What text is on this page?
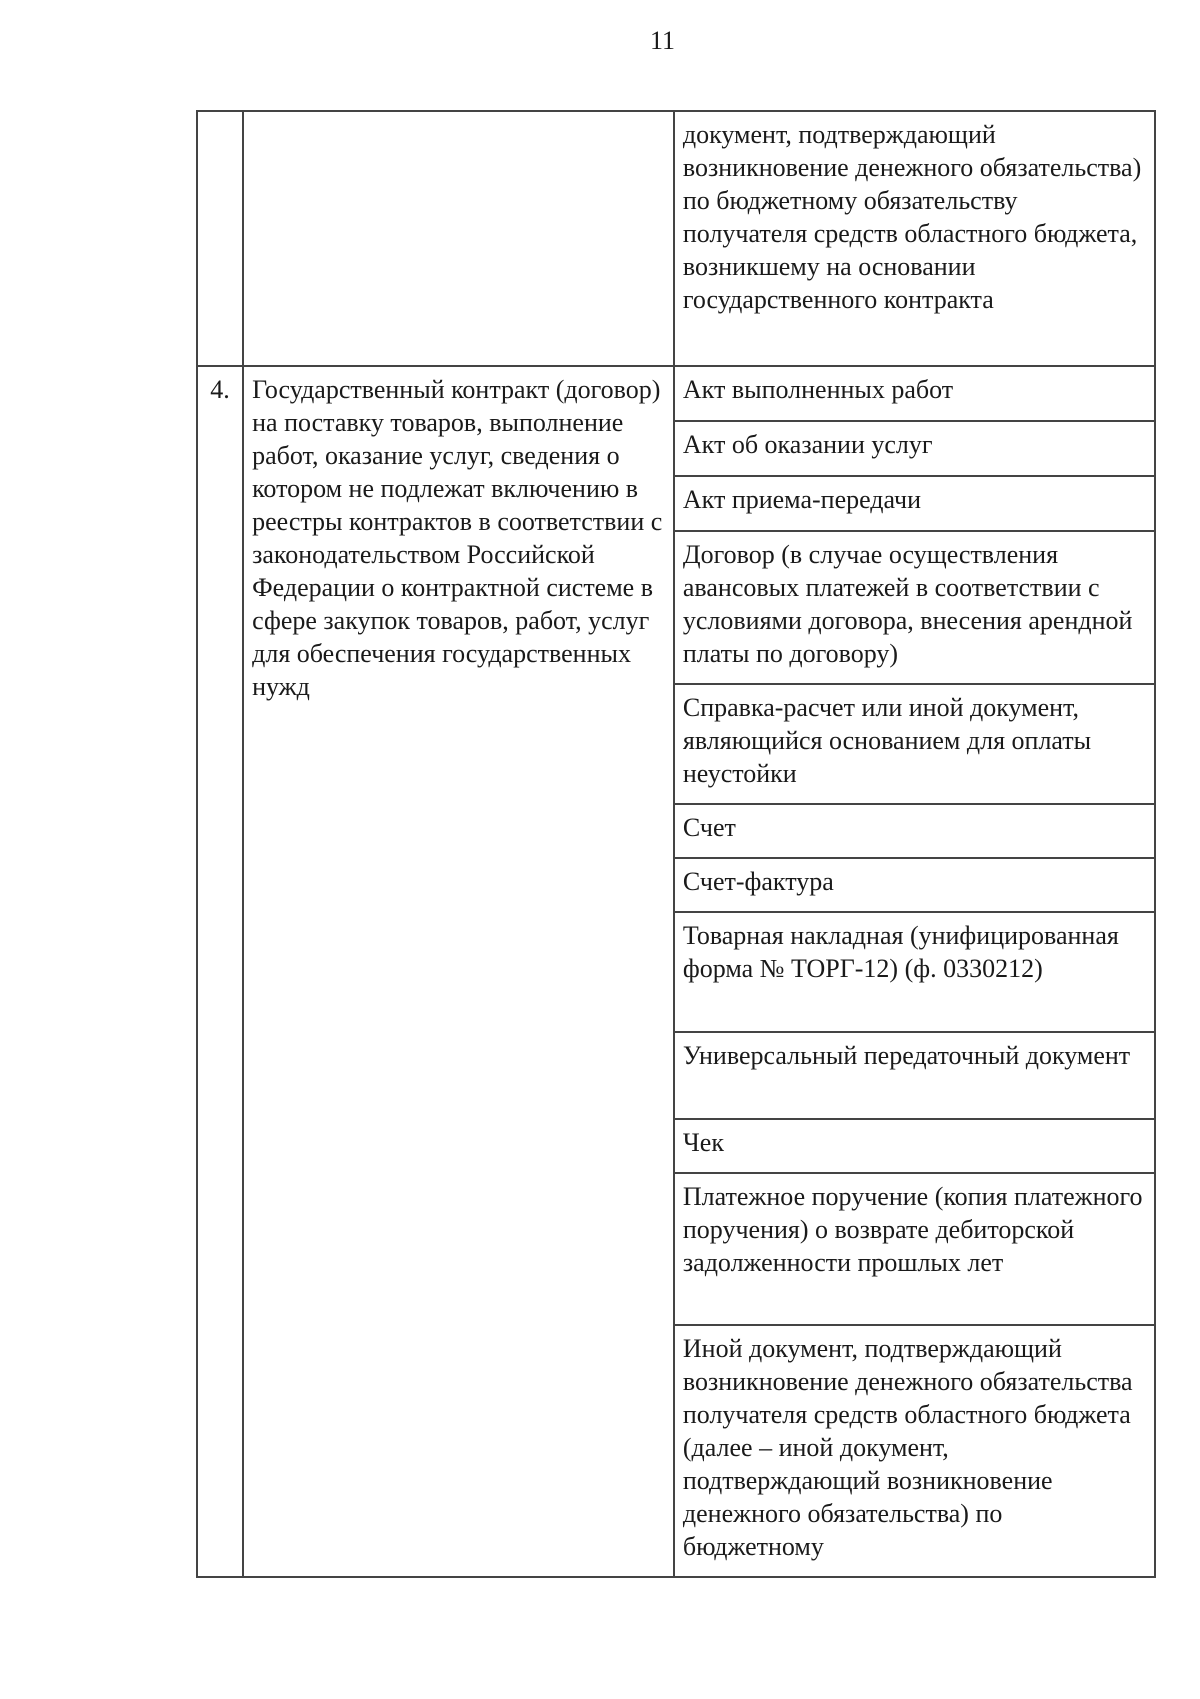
11
		документ, подтверждающий возникновение денежного обязательства) по бюджетному обязательству получателя средств областного бюджета, возникшему на основании государственного контракта
4.	Государственный контракт (договор) на поставку товаров, выполнение работ, оказание услуг, сведения о котором не подлежат включению в реестры контрактов в соответствии с законодательством Российской Федерации о контрактной системе в сфере закупок товаров, работ, услуг для обеспечения государственных нужд	Акт выполненных работ
		Акт об оказании услуг
		Акт приема-передачи
		Договор (в случае осуществления авансовых платежей в соответствии с условиями договора, внесения арендной платы по договору)
		Справка-расчет или иной документ, являющийся основанием для оплаты неустойки
		Счет
		Счет-фактура
		Товарная накладная (унифицированная форма № ТОРГ-12) (ф. 0330212)
		Универсальный передаточный документ
		Чек
		Платежное поручение (копия платежного поручения) о возврате дебиторской задолженности прошлых лет
		Иной документ, подтверждающий возникновение денежного обязательства получателя средств областного бюджета (далее – иной документ, подтверждающий возникновение денежного обязательства) по бюджетному
